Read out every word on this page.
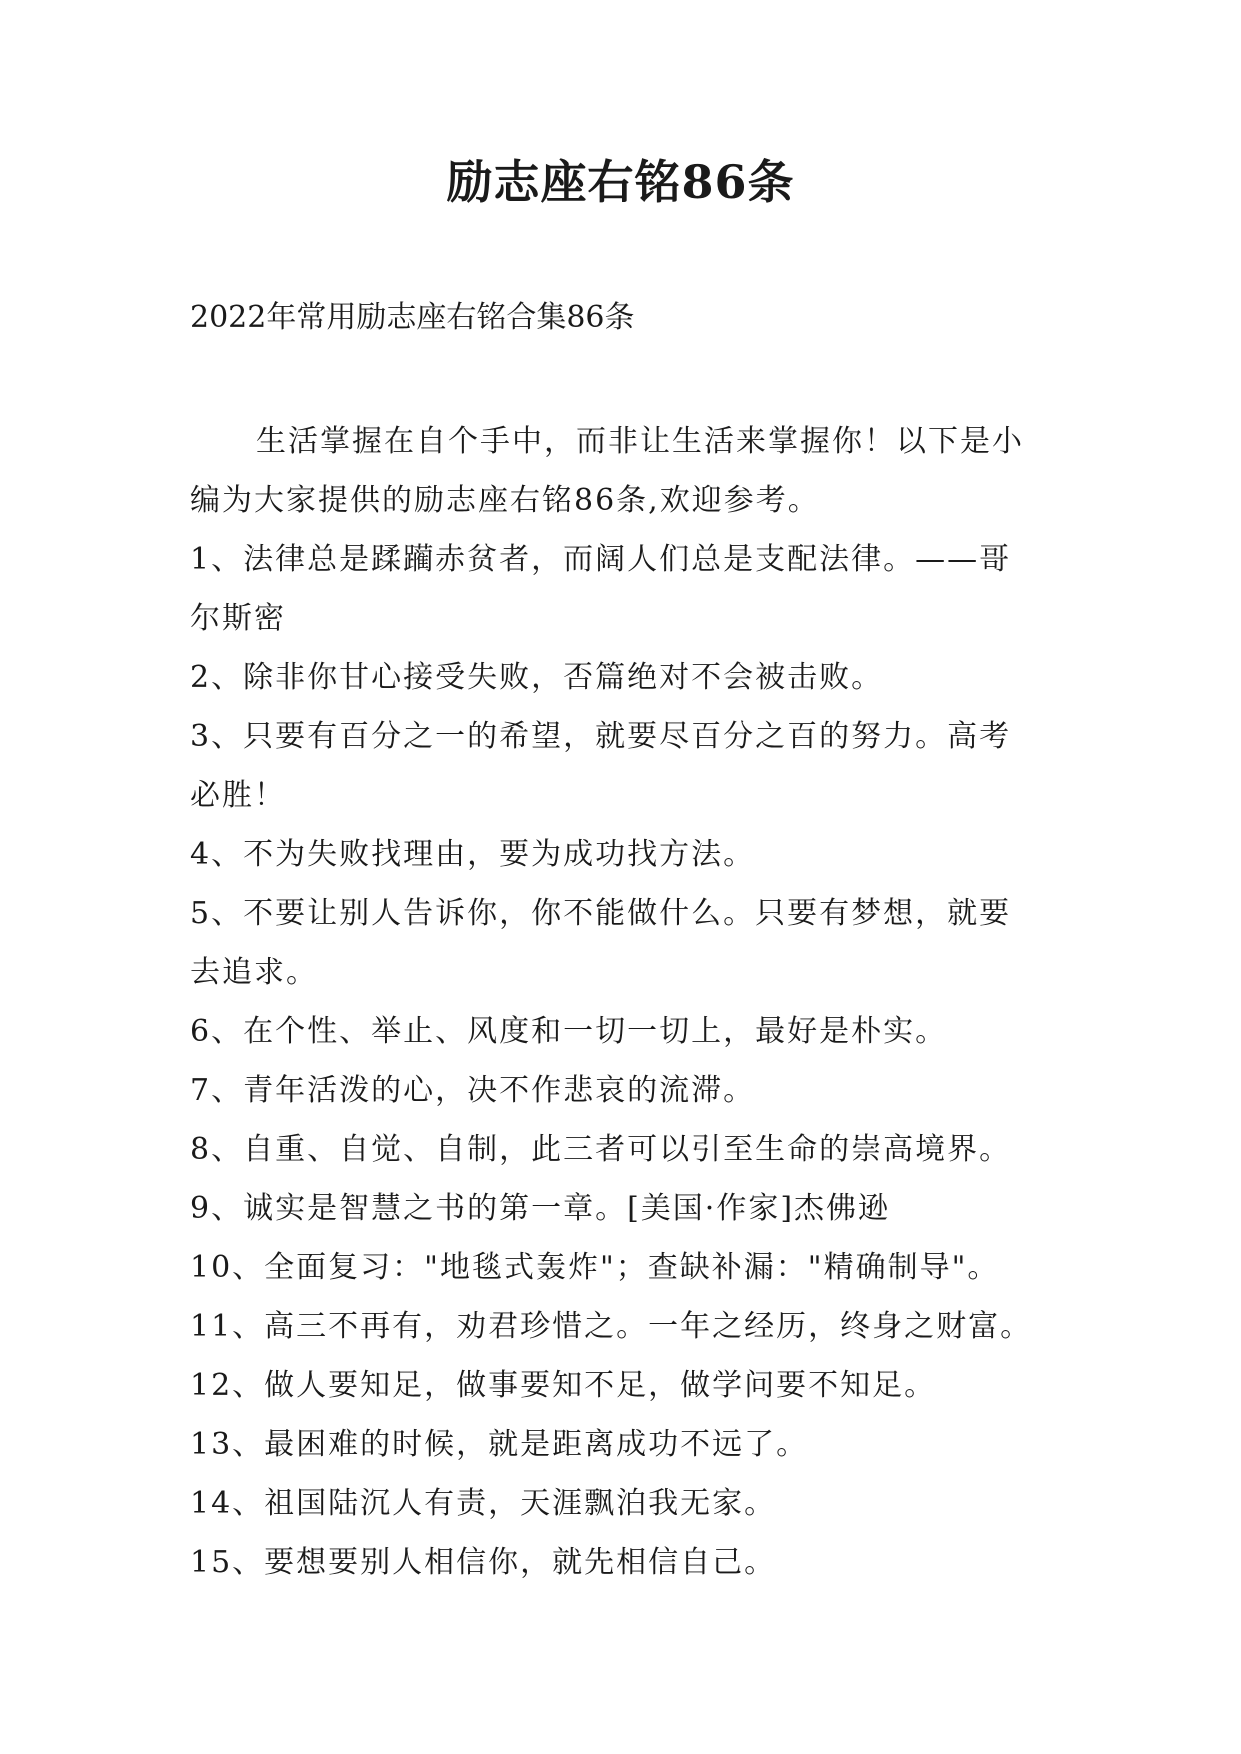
励志座右铭86条
2022年常用励志座右铭合集86条
生活掌握在自个手中，而非让生活来掌握你！以下是小
编为大家提供的励志座右铭86条,欢迎参考。
1、法律总是蹂躏赤贫者，而阔人们总是支配法律。——哥
尔斯密
2、除非你甘心接受失败，否篇绝对不会被击败。
3、只要有百分之一的希望，就要尽百分之百的努力。高考
必胜！
4、不为失败找理由，要为成功找方法。
5、不要让别人告诉你，你不能做什么。只要有梦想，就要
去追求。
6、在个性、举止、风度和一切一切上，最好是朴实。
7、青年活泼的心，决不作悲哀的流滞。
8、自重、自觉、自制，此三者可以引至生命的崇高境界。
9、诚实是智慧之书的第一章。[美国·作家]杰佛逊
10、全面复习："地毯式轰炸"；查缺补漏："精确制导"。
11、高三不再有，劝君珍惜之。一年之经历，终身之财富。
12、做人要知足，做事要知不足，做学问要不知足。
13、最困难的时候，就是距离成功不远了。
14、祖国陆沉人有责，天涯飘泊我无家。
15、要想要别人相信你，就先相信自己。
